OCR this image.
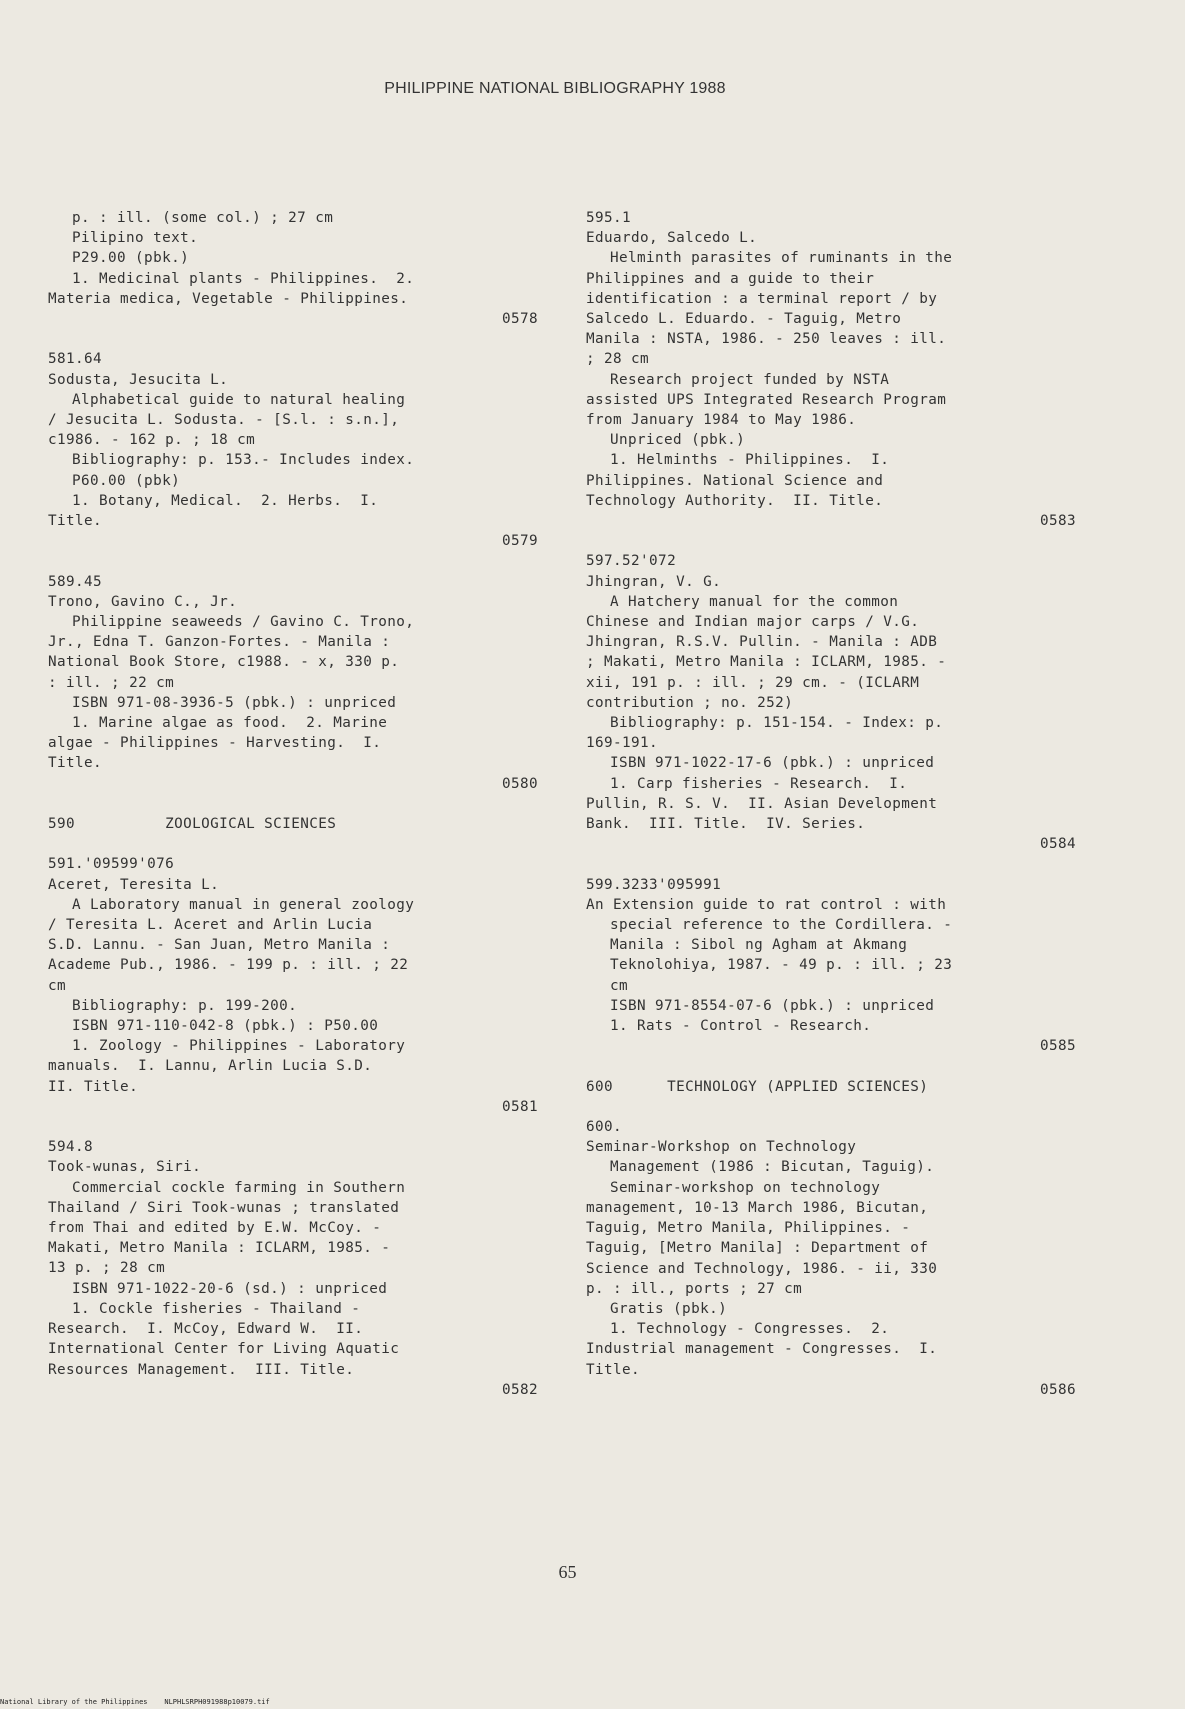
PHILIPPINE NATIONAL BIBLIOGRAPHY 1988
p. : ill. (some col.) ; 27 cm
Pilipino text.
P29.00 (pbk.)
1. Medicinal plants - Philippines.  2.
Materia medica, Vegetable - Philippines.
0578
581.64
Sodusta, Jesucita L.
Alphabetical guide to natural healing
/ Jesucita L. Sodusta. - [S.l. : s.n.],
c1986. - 162 p. ; 18 cm
Bibliography: p. 153.- Includes index.
P60.00 (pbk)
1. Botany, Medical.  2. Herbs.  I.
Title.
0579
589.45
Trono, Gavino C., Jr.
Philippine seaweeds / Gavino C. Trono,
Jr., Edna T. Ganzon-Fortes. - Manila :
National Book Store, c1988. - x, 330 p.
: ill. ; 22 cm
ISBN 971-08-3936-5 (pbk.) : unpriced
1. Marine algae as food.  2. Marine
algae - Philippines - Harvesting.  I.
Title.
0580
590          ZOOLOGICAL SCIENCES
591.'09599'076
Aceret, Teresita L.
A Laboratory manual in general zoology
/ Teresita L. Aceret and Arlin Lucia
S.D. Lannu. - San Juan, Metro Manila :
Academe Pub., 1986. - 199 p. : ill. ; 22
cm
Bibliography: p. 199-200.
ISBN 971-110-042-8 (pbk.) : P50.00
1. Zoology - Philippines - Laboratory
manuals.  I. Lannu, Arlin Lucia S.D.
II. Title.
0581
594.8
Took-wunas, Siri.
Commercial cockle farming in Southern
Thailand / Siri Took-wunas ; translated
from Thai and edited by E.W. McCoy. -
Makati, Metro Manila : ICLARM, 1985. -
13 p. ; 28 cm
ISBN 971-1022-20-6 (sd.) : unpriced
1. Cockle fisheries - Thailand -
Research.  I. McCoy, Edward W.  II.
International Center for Living Aquatic
Resources Management.  III. Title.
0582
595.1
Eduardo, Salcedo L.
Helminth parasites of ruminants in the
Philippines and a guide to their
identification : a terminal report / by
Salcedo L. Eduardo. - Taguig, Metro
Manila : NSTA, 1986. - 250 leaves : ill.
; 28 cm
Research project funded by NSTA
assisted UPS Integrated Research Program
from January 1984 to May 1986.
Unpriced (pbk.)
1. Helminths - Philippines.  I.
Philippines. National Science and
Technology Authority.  II. Title.
0583
597.52'072
Jhingran, V. G.
A Hatchery manual for the common
Chinese and Indian major carps / V.G.
Jhingran, R.S.V. Pullin. - Manila : ADB
; Makati, Metro Manila : ICLARM, 1985. -
xii, 191 p. : ill. ; 29 cm. - (ICLARM
contribution ; no. 252)
Bibliography: p. 151-154. - Index: p.
169-191.
ISBN 971-1022-17-6 (pbk.) : unpriced
1. Carp fisheries - Research.  I.
Pullin, R. S. V.  II. Asian Development
Bank.  III. Title.  IV. Series.
0584
599.3233'095991
An Extension guide to rat control : with
special reference to the Cordillera. -
Manila : Sibol ng Agham at Akmang
Teknolohiya, 1987. - 49 p. : ill. ; 23
cm
ISBN 971-8554-07-6 (pbk.) : unpriced
1. Rats - Control - Research.
0585
600      TECHNOLOGY (APPLIED SCIENCES)
600.
Seminar-Workshop on Technology
Management (1986 : Bicutan, Taguig).
Seminar-workshop on technology
management, 10-13 March 1986, Bicutan,
Taguig, Metro Manila, Philippines. -
Taguig, [Metro Manila] : Department of
Science and Technology, 1986. - ii, 330
p. : ill., ports ; 27 cm
Gratis (pbk.)
1. Technology - Congresses.  2.
Industrial management - Congresses.  I.
Title.
0586
65
National Library of the Philippines    NLPHLSRPH091988p10079.tif
